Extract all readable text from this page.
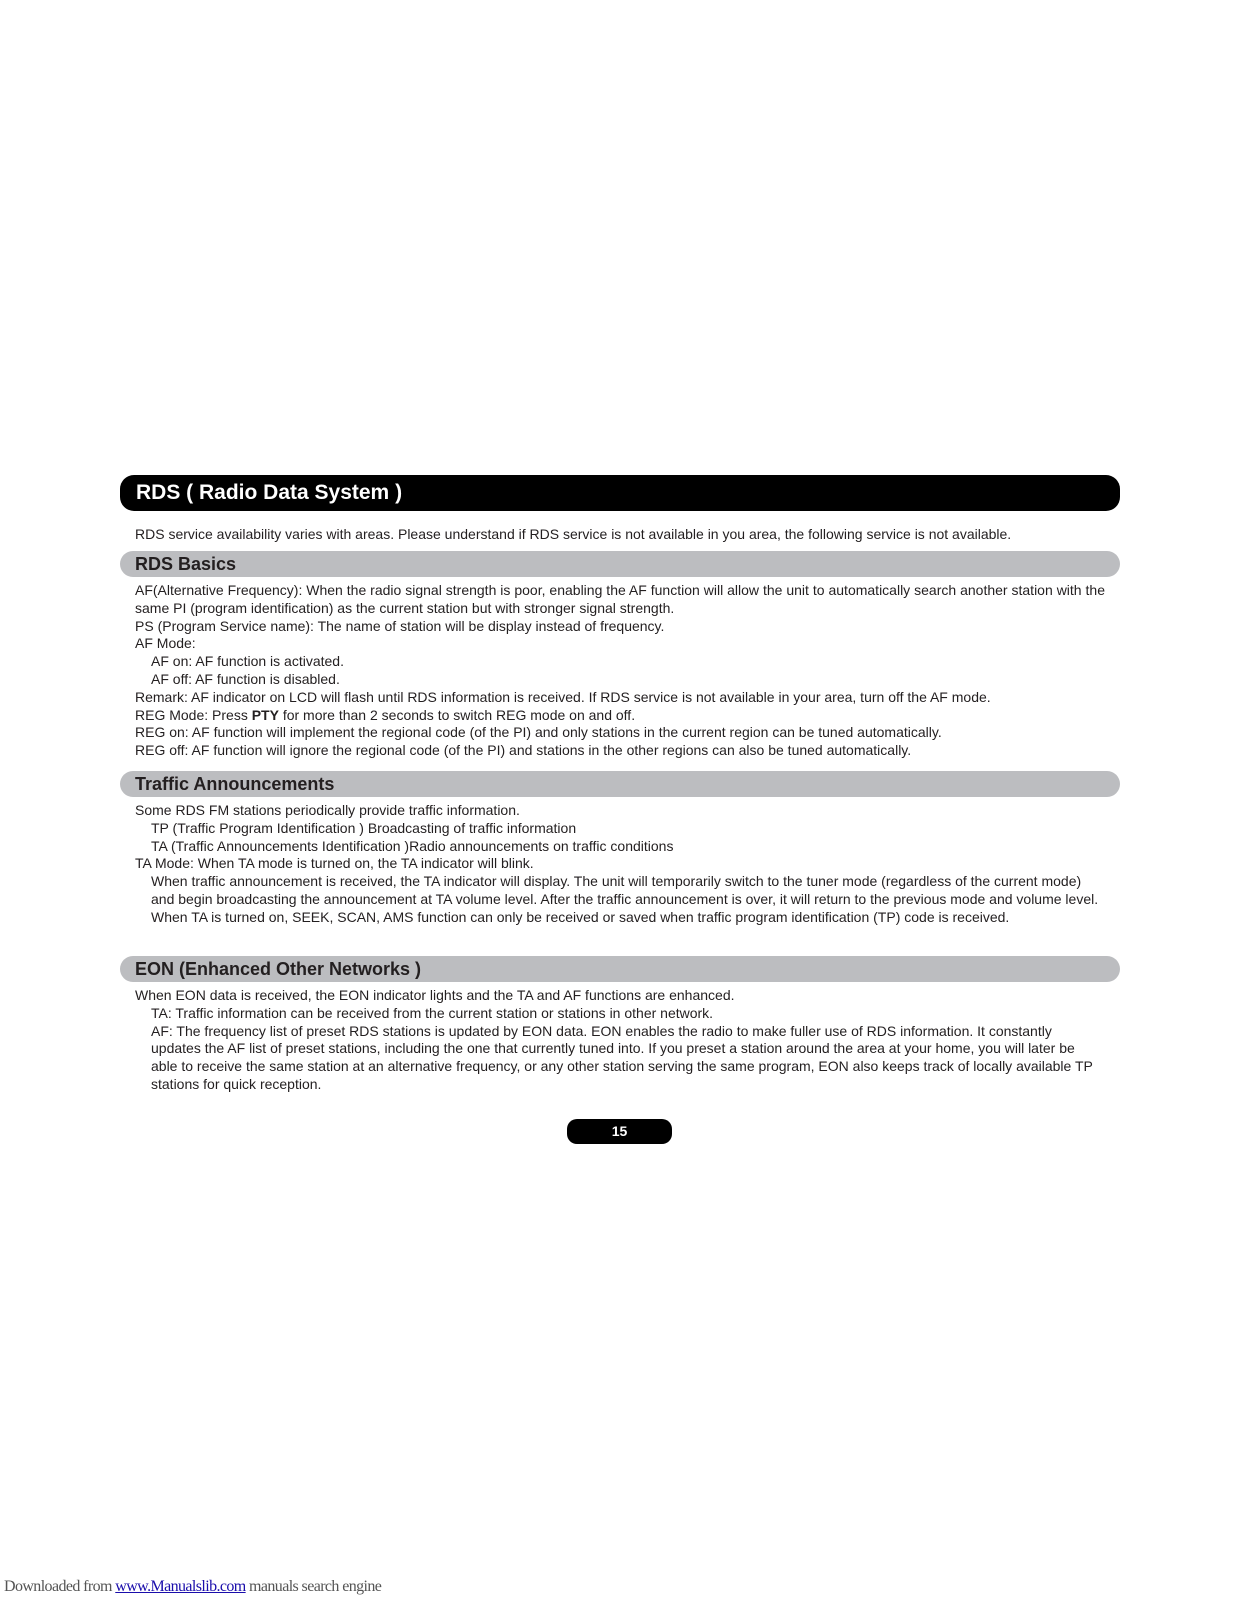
RDS ( Radio Data System )

RDS service availability varies with areas. Please understand if RDS service is not available in you area, the following service is not available.

RDS Basics
AF(Alternative Frequency): When the radio signal strength is poor, enabling the AF function will allow the unit to automatically search another station with the same PI (program identification) as the current station but with stronger signal strength.
PS (Program Service name): The name of station will be display instead of frequency.
AF Mode:
AF on: AF function is activated.
AF off: AF function is disabled.
Remark: AF indicator on LCD will flash until RDS information is received. If RDS service is not available in your area, turn off the AF mode.
REG Mode: Press PTY for more than 2 seconds to switch REG mode on and off.
REG on: AF function will implement the regional code (of the PI) and only stations in the current region can be tuned automatically.
REG off: AF function will ignore the regional code (of the PI) and stations in the other regions can also be tuned automatically.
Traffic Announcements
Some RDS FM stations periodically provide traffic information.
TP (Traffic Program Identification ) Broadcasting of traffic information
TA (Traffic Announcements Identification )Radio announcements on traffic conditions
TA Mode: When TA mode is turned on, the TA indicator will blink.
When traffic announcement is received, the TA indicator will display. The unit will temporarily switch to the tuner mode (regardless of the current mode) and begin broadcasting the announcement at TA volume level. After the traffic announcement is over, it will return to the previous mode and volume level. When TA is turned on, SEEK, SCAN, AMS function can only be received or saved when traffic program identification (TP) code is received.
EON (Enhanced Other Networks )
When EON data is received, the EON indicator lights and the TA and AF functions are enhanced.
TA: Traffic information can be received from the current station or stations in other network.
AF: The frequency list of preset RDS stations is updated by EON data. EON enables the radio to make fuller use of RDS information. It constantly updates the AF list of preset stations, including the one that currently tuned into. If you preset a station around the area at your home, you will later be able to receive the same station at an alternative frequency, or any other station serving the same program, EON also keeps track of locally available TP stations for quick reception.
15
Downloaded from www.Manualslib.com manuals search engine
